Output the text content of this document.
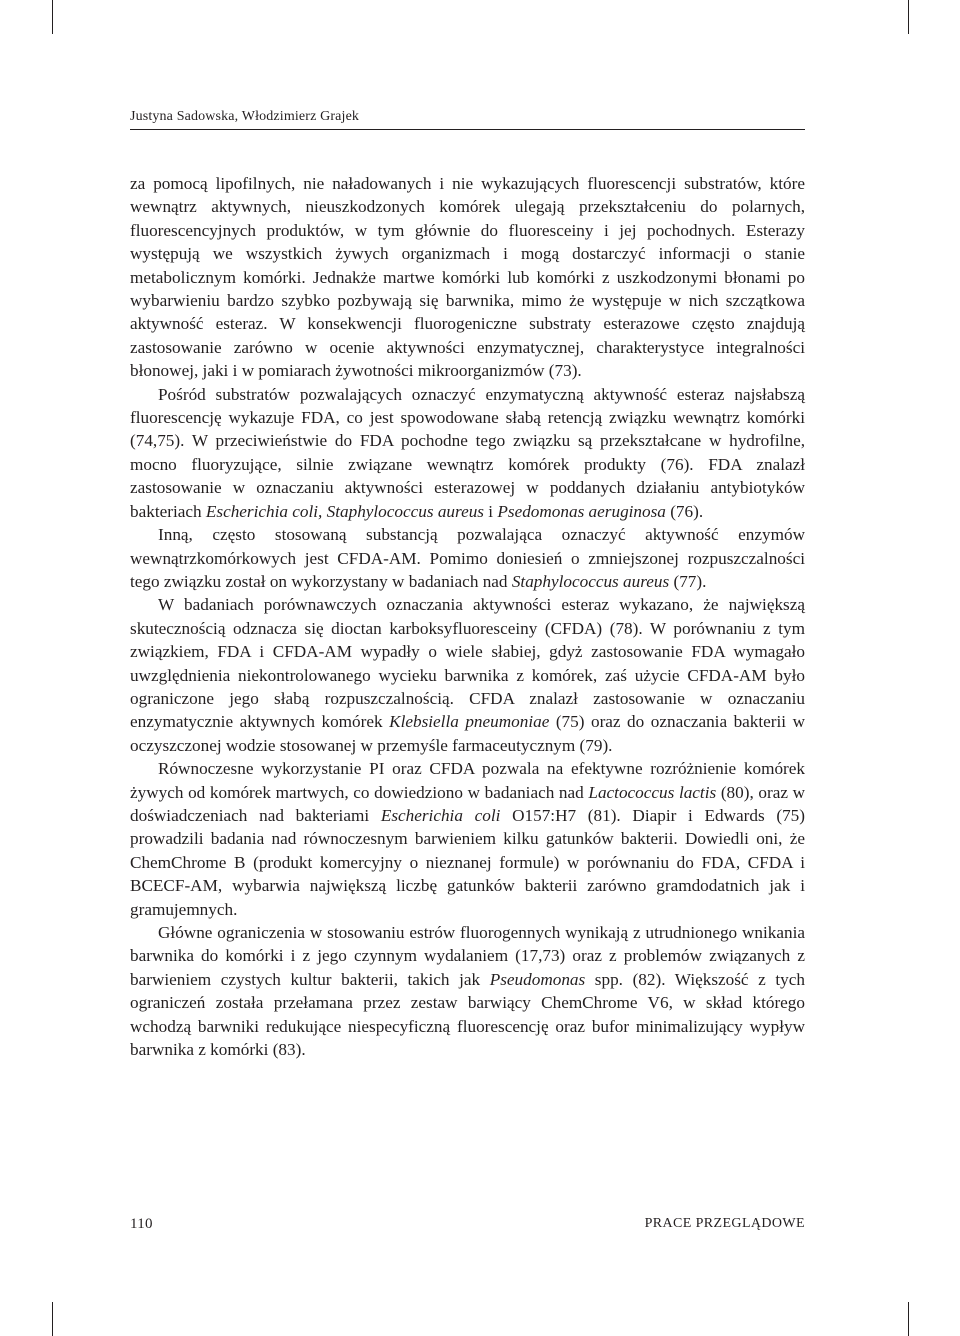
Justyna Sadowska, Włodzimierz Grajek

za pomocą lipofilnych, nie naładowanych i nie wykazujących fluorescencji substratów, które wewnątrz aktywnych, nieuszkodzonych komórek ulegają przekształceniu do polarnych, fluorescencyjnych produktów, w tym głównie do fluoresceiny i jej pochodnych. Esterazy występują we wszystkich żywych organizmach i mogą dostarczyć informacji o stanie metabolicznym komórki. Jednakże martwe komórki lub komórki z uszkodzonymi błonami po wybarwieniu bardzo szybko pozbywają się barwnika, mimo że występuje w nich szczątkowa aktywność esteraz. W konsekwencji fluorogeniczne substraty esterazowe często znajdują zastosowanie zarówno w ocenie aktywności enzymatycznej, charakterystyce integralności błonowej, jaki i w pomiarach żywotności mikroorganizmów (73).

Pośród substratów pozwalających oznaczyć enzymatyczną aktywność esteraz najsłabszą fluorescencję wykazuje FDA, co jest spowodowane słabą retencją związku wewnątrz komórki (74,75). W przeciwieństwie do FDA pochodne tego związku są przekształcane w hydrofilne, mocno fluoryzujące, silnie związane wewnątrz komórek produkty (76). FDA znalazł zastosowanie w oznaczaniu aktywności esterazowej w poddanych działaniu antybiotyków bakteriach Escherichia coli, Staphylococcus aureus i Psedomonas aeruginosa (76).

Inną, często stosowaną substancją pozwalająca oznaczyć aktywność enzymów wewnątrzkomórkowych jest CFDA-AM. Pomimo doniesień o zmniejszonej rozpuszczalności tego związku został on wykorzystany w badaniach nad Staphylococcus aureus (77).

W badaniach porównawczych oznaczania aktywności esteraz wykazano, że największą skutecznością odznacza się dioctan karboksyfluoresceiny (CFDA) (78). W porównaniu z tym związkiem, FDA i CFDA-AM wypadły o wiele słabiej, gdyż zastosowanie FDA wymagało uwzględnienia niekontrolowanego wycieku barwnika z komórek, zaś użycie CFDA-AM było ograniczone jego słabą rozpuszczalnością. CFDA znalazł zastosowanie w oznaczaniu enzymatycznie aktywnych komórek Klebsiella pneumoniae (75) oraz do oznaczania bakterii w oczyszczonej wodzie stosowanej w przemyśle farmaceutycznym (79).

Równoczesne wykorzystanie PI oraz CFDA pozwala na efektywne rozróżnienie komórek żywych od komórek martwych, co dowiedziono w badaniach nad Lactococcus lactis (80), oraz w doświadczeniach nad bakteriami Escherichia coli O157:H7 (81). Diapir i Edwards (75) prowadzili badania nad równoczesnym barwieniem kilku gatunków bakterii. Dowiedli oni, że ChemChrome B (produkt komercyjny o nieznanej formule) w porównaniu do FDA, CFDA i BCECF-AM, wybarwia największą liczbę gatunków bakterii zarówno gramdodatnich jak i gramujemnych.

Główne ograniczenia w stosowaniu estrów fluorogennych wynikają z utrudnionego wnikania barwnika do komórki i z jego czynnym wydalaniem (17,73) oraz z problemów związanych z barwieniem czystych kultur bakterii, takich jak Pseudomonas spp. (82). Większość z tych ograniczeń została przełamana przez zestaw barwiący ChemChrome V6, w skład którego wchodzą barwniki redukujące niespecyficzną fluorescencję oraz bufor minimalizujący wypływ barwnika z komórki (83).

110	PRACE PRZEGLĄDOWE
